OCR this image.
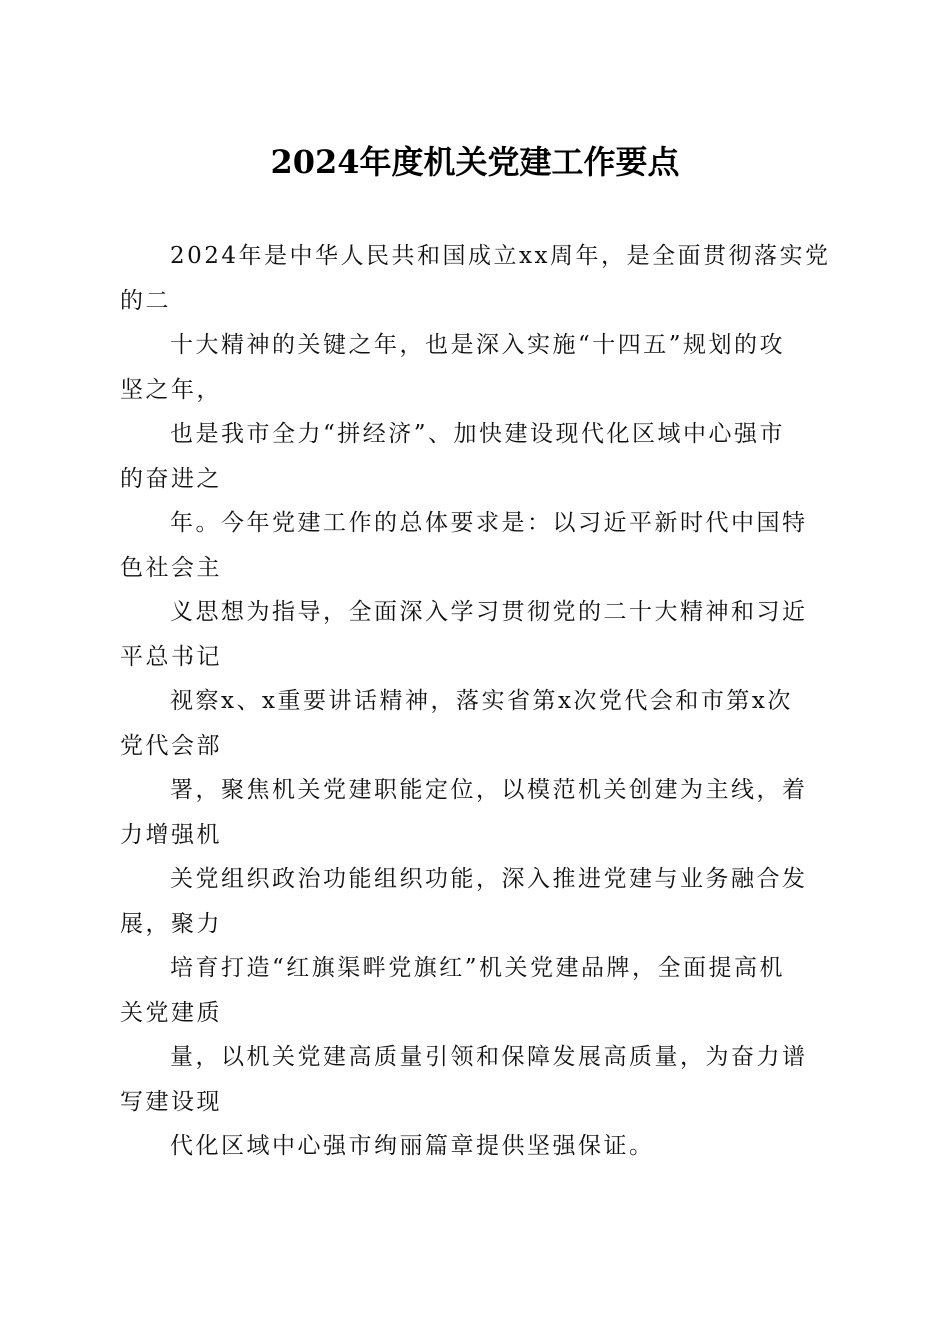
2024年度机关党建工作要点
2024年是中华人民共和国成立xx周年，是全面贯彻落实党
的二
十大精神的关键之年，也是深入实施“十四五”规划的攻
坚之年，
也是我市全力“拼经济”、加快建设现代化区域中心强市
的奋进之
年。今年党建工作的总体要求是：以习近平新时代中国特
色社会主
义思想为指导，全面深入学习贯彻党的二十大精神和习近
平总书记
视察x、x重要讲话精神，落实省第x次党代会和市第x次
党代会部
署，聚焦机关党建职能定位，以模范机关创建为主线，着
力增强机
关党组织政治功能组织功能，深入推进党建与业务融合发
展，聚力
培育打造“红旗渠畔党旗红”机关党建品牌，全面提高机
关党建质
量，以机关党建高质量引领和保障发展高质量，为奋力谱
写建设现
代化区域中心强市绚丽篇章提供坚强保证。
